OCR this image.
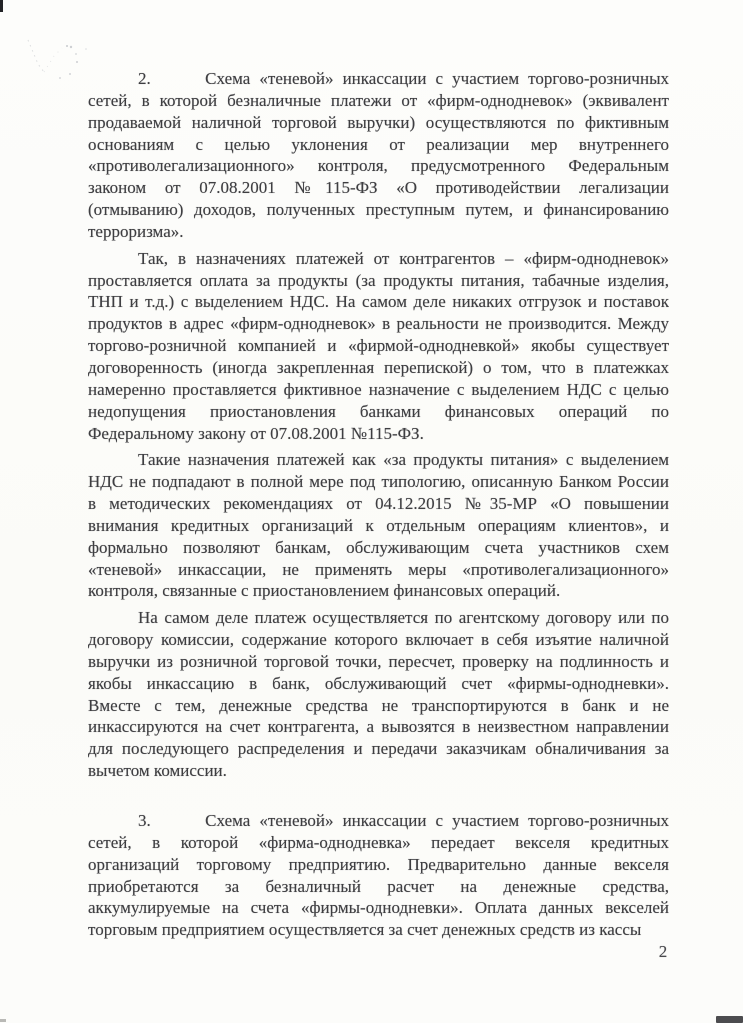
2.      Схема «теневой» инкассации с участием торгово-розничных
сетей, в которой безналичные платежи от «фирм-однодневок» (эквивалент
продаваемой наличной торговой выручки) осуществляются по фиктивным
основаниям с целью уклонения от реализации мер внутреннего
«противолегализационного» контроля, предусмотренного Федеральным
законом от 07.08.2001 №115-ФЗ «О противодействии легализации
(отмыванию) доходов, полученных преступным путем, и финансированию
терроризма».
Так, в назначениях платежей от контрагентов – «фирм-однодневок»
проставляется оплата за продукты (за продукты питания, табачные изделия,
ТНП и т.д.) с выделением НДС. На самом деле никаких отгрузок и поставок
продуктов в адрес «фирм-однодневок» в реальности не производится. Между
торгово-розничной компанией и «фирмой-однодневкой» якобы существует
договоренность (иногда закрепленная перепиской) о том, что в платежках
намеренно проставляется фиктивное назначение с выделением НДС с целью
недопущения приостановления банками финансовых операций по
Федеральному закону от 07.08.2001 №115-ФЗ.
Такие назначения платежей как «за продукты питания» с выделением
НДС не подпадают в полной мере под типологию, описанную Банком России
в методических рекомендациях от 04.12.2015 №35-МР «О повышении
внимания кредитных организаций к отдельным операциям клиентов», и
формально позволяют банкам, обслуживающим счета участников схем
«теневой» инкассации, не применять меры «противолегализационного»
контроля, связанные с приостановлением финансовых операций.
На самом деле платеж осуществляется по агентскому договору или по
договору комиссии, содержание которого включает в себя изъятие наличной
выручки из розничной торговой точки, пересчет, проверку на подлинность и
якобы инкассацию в банк, обслуживающий счет «фирмы-однодневки».
Вместе с тем, денежные средства не транспортируются в банк и не
инкассируются на счет контрагента, а вывозятся в неизвестном направлении
для последующего распределения и передачи заказчикам обналичивания за
вычетом комиссии.
3.      Схема «теневой» инкассации с участием торгово-розничных
сетей, в которой «фирма-однодневка» передает векселя кредитных
организаций торговому предприятию. Предварительно данные векселя
приобретаются за безналичный расчет на денежные средства,
аккумулируемые на счета «фирмы-однодневки». Оплата данных векселей
торговым предприятием осуществляется за счет денежных средств из кассы
2
